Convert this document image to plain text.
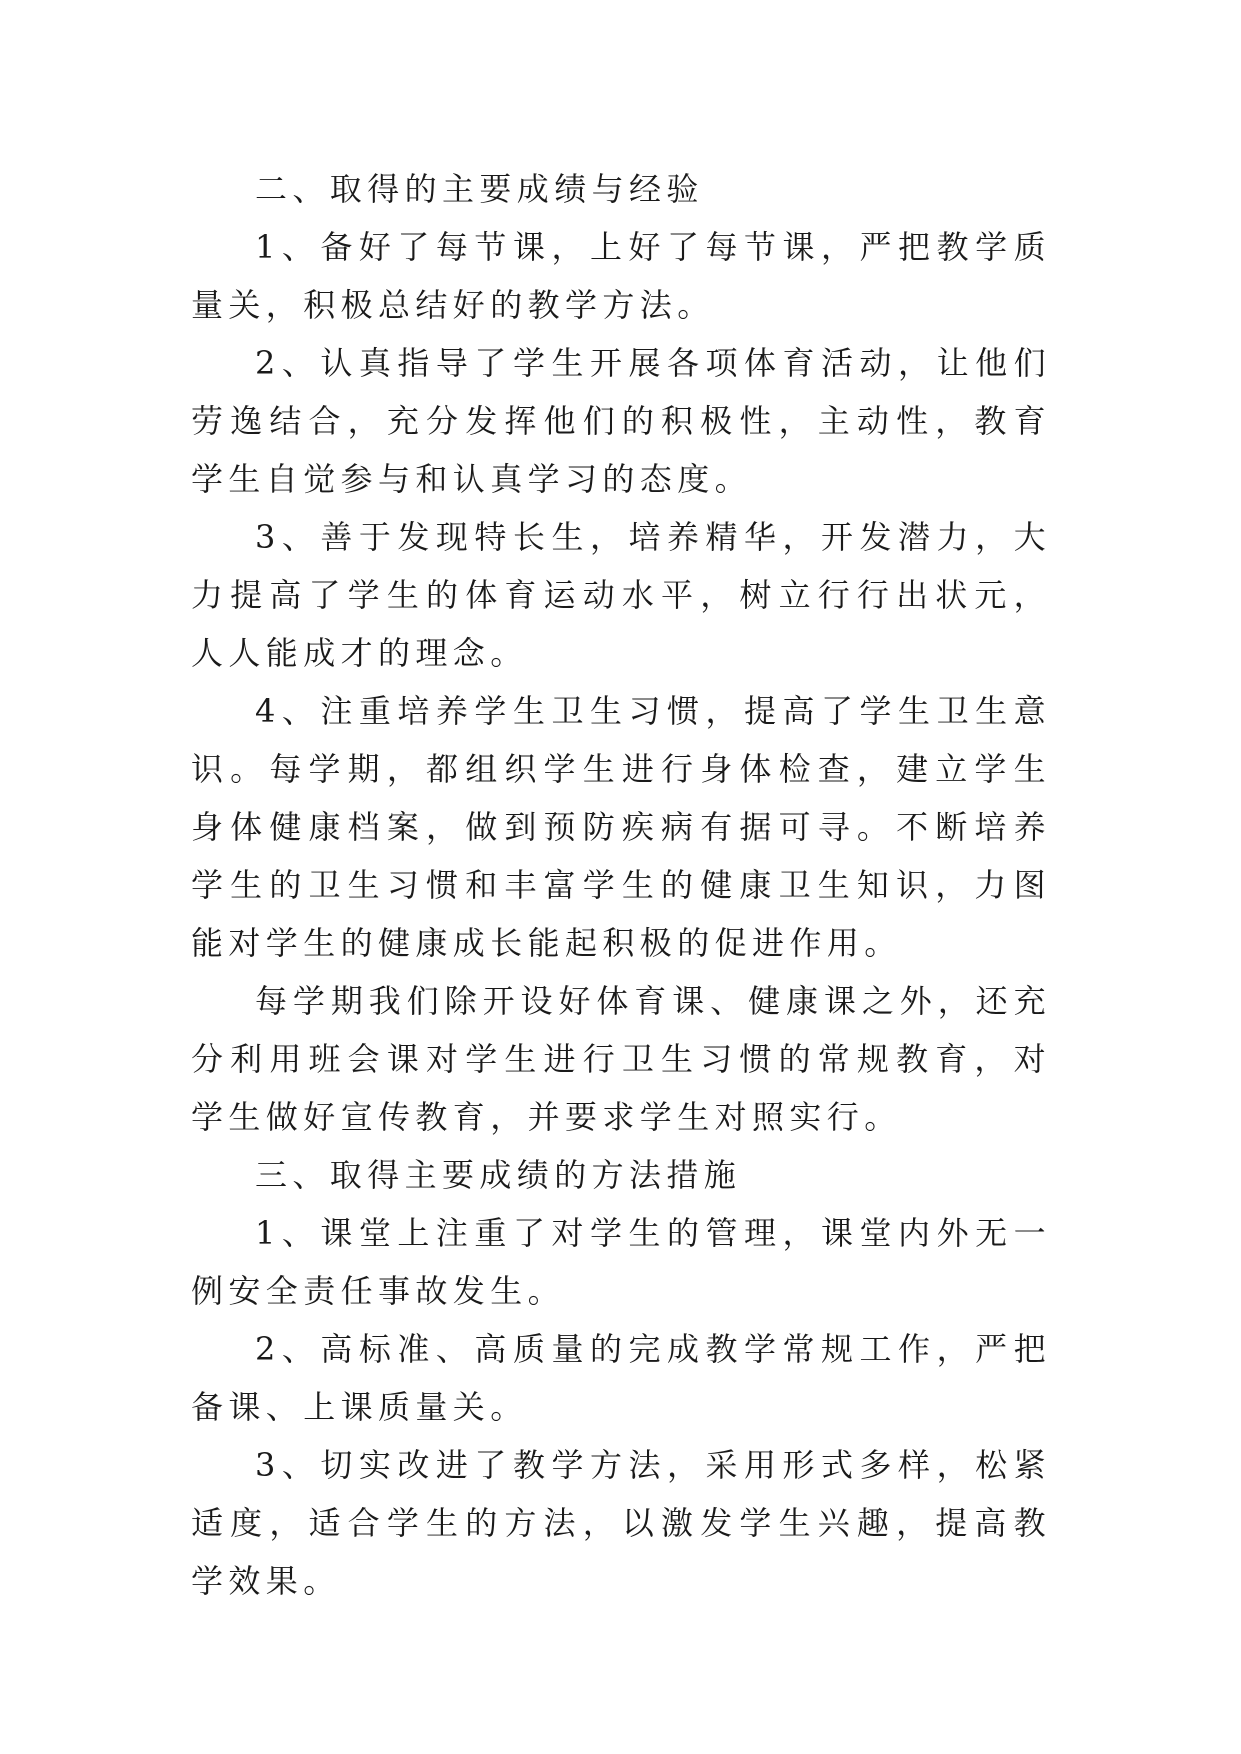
二、取得的主要成绩与经验

1、备好了每节课，上好了每节课，严把教学质量关，积极总结好的教学方法。

2、认真指导了学生开展各项体育活动，让他们劳逸结合，充分发挥他们的积极性，主动性，教育学生自觉参与和认真学习的态度。

3、善于发现特长生，培养精华，开发潜力，大力提高了学生的体育运动水平，树立行行出状元，人人能成才的理念。

4、注重培养学生卫生习惯，提高了学生卫生意识。每学期，都组织学生进行身体检查，建立学生身体健康档案，做到预防疾病有据可寻。不断培养学生的卫生习惯和丰富学生的健康卫生知识，力图能对学生的健康成长能起积极的促进作用。

每学期我们除开设好体育课、健康课之外，还充分利用班会课对学生进行卫生习惯的常规教育，对学生做好宣传教育，并要求学生对照实行。

三、取得主要成绩的方法措施

1、课堂上注重了对学生的管理，课堂内外无一例安全责任事故发生。

2、高标准、高质量的完成教学常规工作，严把备课、上课质量关。

3、切实改进了教学方法，采用形式多样，松紧适度，适合学生的方法，以激发学生兴趣，提高教学效果。
